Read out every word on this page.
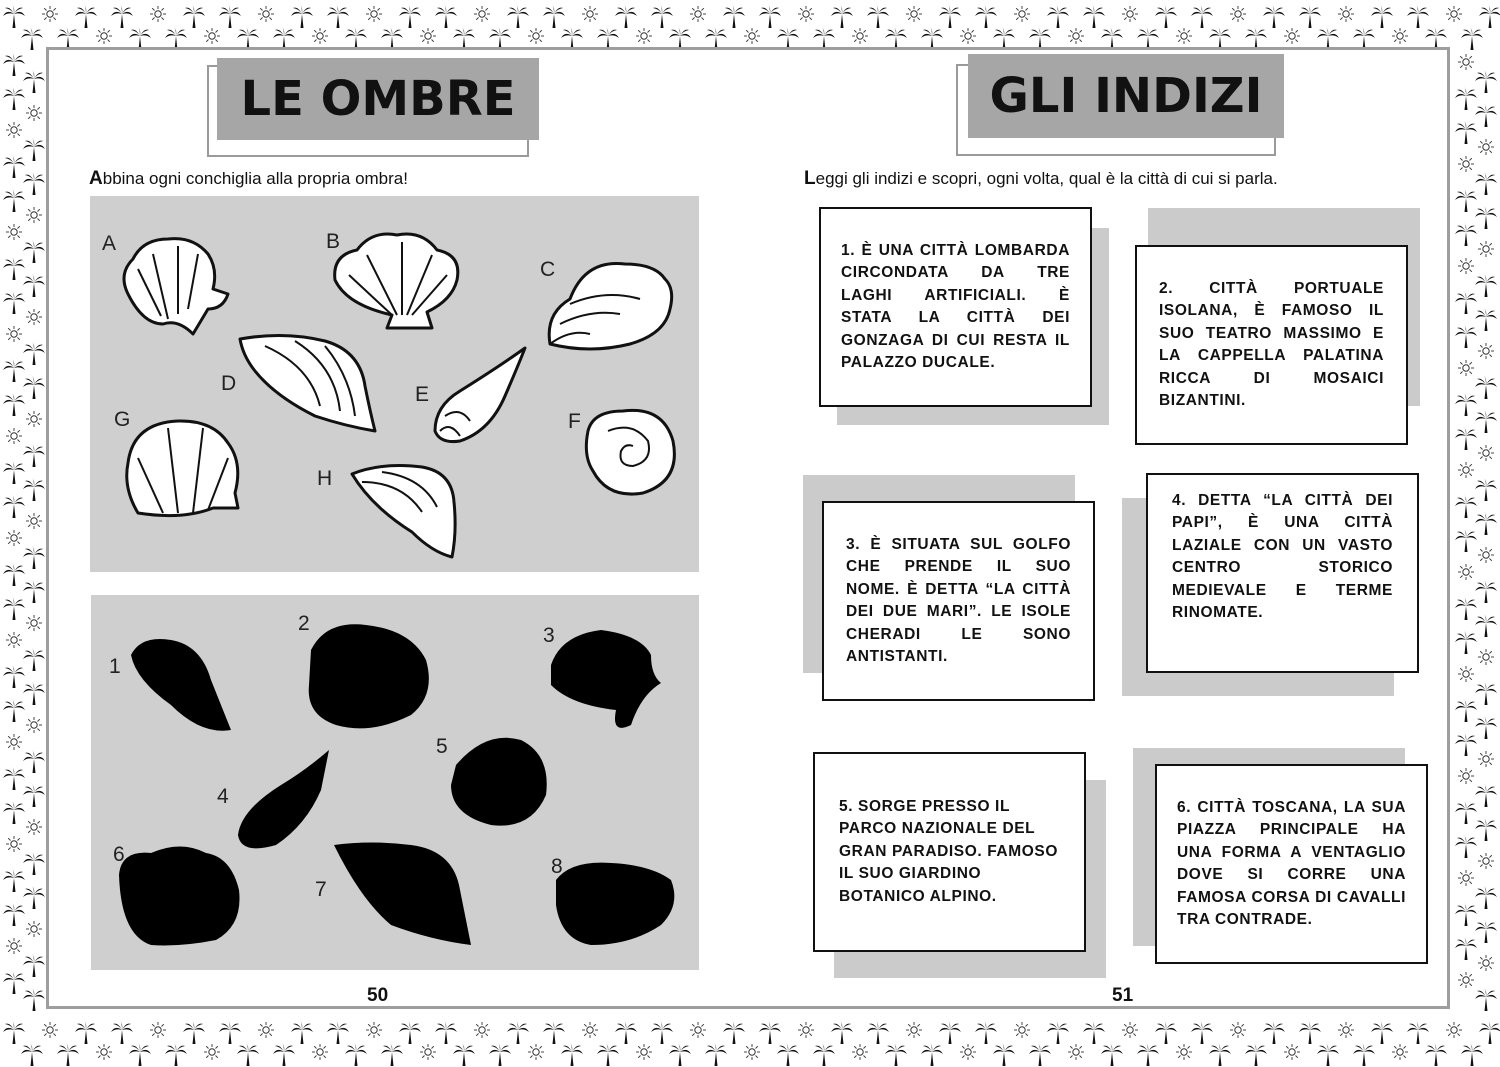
LE OMBRE
Abbina ogni conchiglia alla propria ombra!
A	B
C
D	E
F
G
H
1
2
3
4
5
6
7
8
50
GLI INDIZI
Leggi gli indizi e scopri, ogni volta, qual è la città di cui si parla.
1. È UNA CITTÀ LOMBARDA CIRCONDATA DA TRE LAGHI ARTIFICIALI. È STATA LA CITTÀ DEI GONZAGA DI CUI RESTA IL PALAZZO DUCALE.
2. CITTÀ PORTUALE ISOLANA, È FAMOSO IL SUO TEATRO MASSIMO E LA CAPPELLA PALATINA RICCA DI MOSAICI BIZANTINI.
3. È SITUATA SUL GOLFO CHE PRENDE IL SUO NOME. È DETTA “LA CITTÀ DEI DUE MARI”. LE ISOLE CHERADI LE SONO ANTISTANTI.
4. DETTA “LA CITTÀ DEI PAPI”, È UNA CITTÀ LAZIALE CON UN VASTO CENTRO STORICO MEDIEVALE E TERME RINOMATE.
5. SORGE PRESSO IL PARCO NAZIONALE DEL GRAN PARADISO. FAMOSO IL SUO GIARDINO BOTANICO ALPINO.
6. CITTÀ TOSCANA, LA SUA PIAZZA PRINCIPALE HA UNA FORMA A VENTAGLIO DOVE SI CORRE UNA FAMOSA CORSA DI CAVALLI TRA CONTRADE.
51
